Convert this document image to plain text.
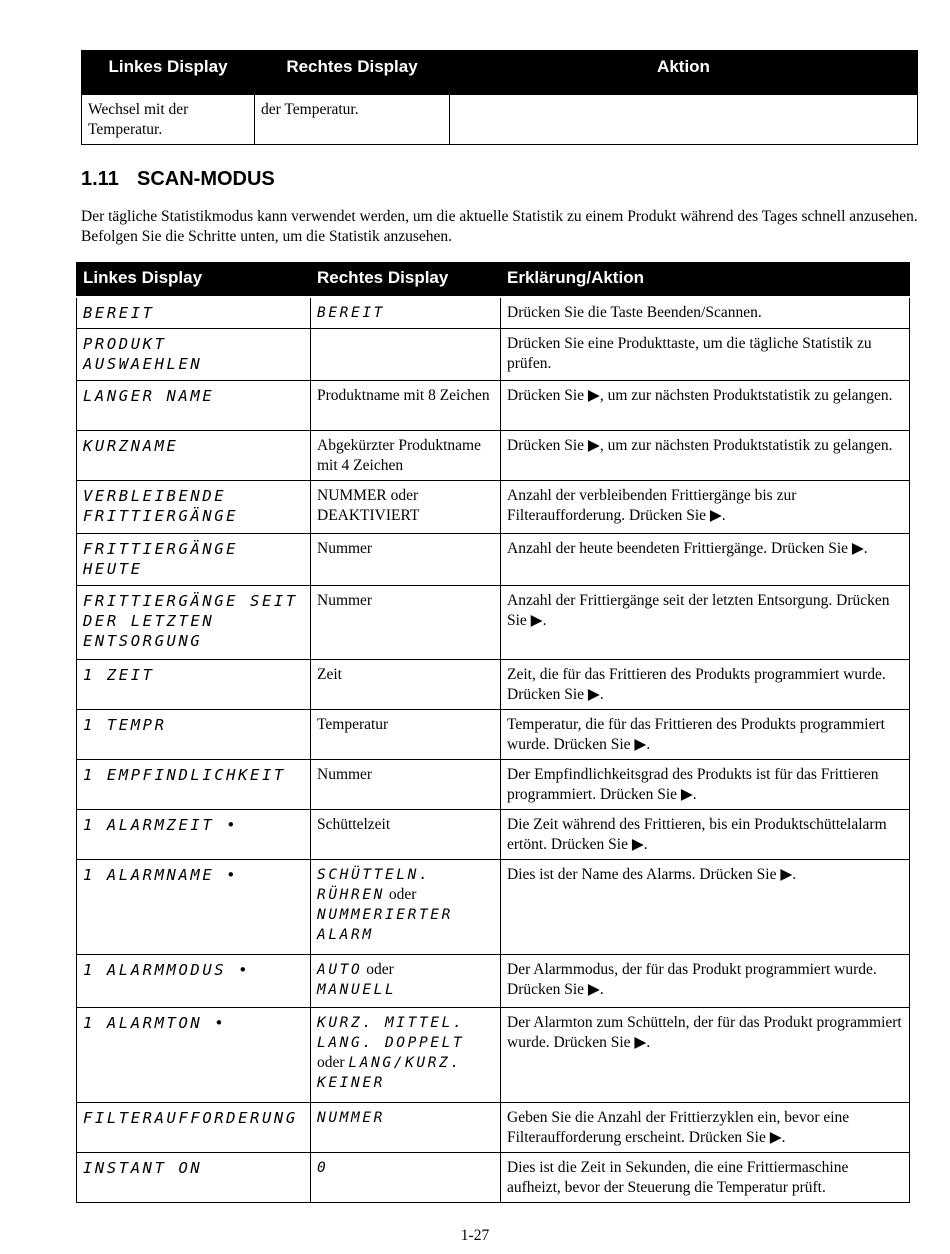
Linkes Display	Rechtes Display	Aktion
Wechsel mit der Temperatur.	der Temperatur.	
1.11 SCAN-MODUS

Der tägliche Statistikmodus kann verwendet werden, um die aktuelle Statistik zu einem Produkt während des Tages schnell anzusehen. Befolgen Sie die Schritte unten, um die Statistik anzusehen.

Linkes Display	Rechtes Display	Erklärung/Aktion
BEREIT	BEREIT	Drücken Sie die Taste Beenden/Scannen.
PRODUKT
AUSWAEHLEN		Drücken Sie eine Produkttaste, um die tägliche Statistik zu prüfen.
LANGER NAME	Produktname mit 8 Zeichen	Drücken Sie ▶, um zur nächsten Produktstatistik zu gelangen.
KURZNAME	Abgekürzter Produktname mit 4 Zeichen	Drücken Sie ▶, um zur nächsten Produktstatistik zu gelangen.
VERBLEIBENDE
FRITTIERGÄNGE	NUMMER oder DEAKTIVIERT	Anzahl der verbleibenden Frittiergänge bis zur Filteraufforderung. Drücken Sie ▶.
FRITTIERGÄNGE
HEUTE	Nummer	Anzahl der heute beendeten Frittiergänge. Drücken Sie ▶.
FRITTIERGÄNGE SEIT
DER LETZTEN
ENTSORGUNG	Nummer	Anzahl der Frittiergänge seit der letzten Entsorgung. Drücken Sie ▶.
1 ZEIT	Zeit	Zeit, die für das Frittieren des Produkts programmiert wurde. Drücken Sie ▶.
1 TEMPR	Temperatur	Temperatur, die für das Frittieren des Produkts programmiert wurde. Drücken Sie ▶.
1 EMPFINDLICHKEIT	Nummer	Der Empfindlichkeitsgrad des Produkts ist für das Frittieren programmiert. Drücken Sie ▶.
1 ALARMZEIT •	Schüttelzeit	Die Zeit während des Frittieren, bis ein Produktschüttelalarm ertönt. Drücken Sie ▶.
1 ALARMNAME •	SCHÜTTELN.
RÜHREN oder
NUMMERIERTER
ALARM	Dies ist der Name des Alarms. Drücken Sie ▶.
1 ALARMMODUS •	AUTO oder
MANUELL	Der Alarmmodus, der für das Produkt programmiert wurde. Drücken Sie ▶.
1 ALARMTON •	KURZ. MITTEL.
LANG. DOPPELT
oder LANG/KURZ.
KEINER	Der Alarmton zum Schütteln, der für das Produkt programmiert wurde. Drücken Sie ▶.
FILTERAUFFORDERUNG	NUMMER	Geben Sie die Anzahl der Frittierzyklen ein, bevor eine Filteraufforderung erscheint. Drücken Sie ▶.
INSTANT ON	0	Dies ist die Zeit in Sekunden, die eine Frittiermaschine aufheizt, bevor der Steuerung die Temperatur prüft.

1-27
